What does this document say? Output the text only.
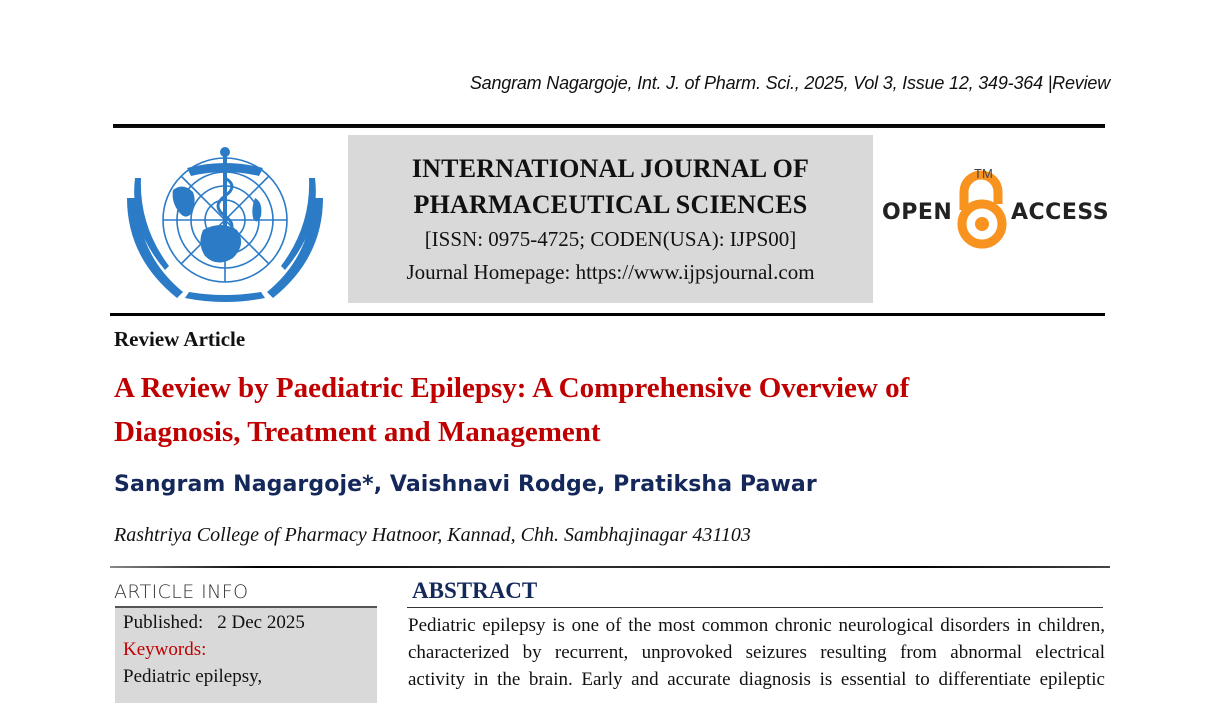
Sangram Nagargoje, Int. J. of Pharm. Sci., 2025, Vol 3, Issue 12, 349-364 |Review
INTERNATIONAL JOURNAL OF
PHARMACEUTICAL SCIENCES
[ISSN: 0975-4725; CODEN(USA): IJPS00]
Journal Homepage: https://www.ijpsjournal.com
OPEN
TM
ACCESS
Review Article
A Review by Paediatric Epilepsy: A Comprehensive Overview of
Diagnosis, Treatment and Management
Sangram Nagargoje*, Vaishnavi Rodge, Pratiksha Pawar
Rashtriya College of Pharmacy Hatnoor, Kannad, Chh. Sambhajinagar 431103
ARTICLE INFO
Published: 2 Dec 2025
Keywords:
Pediatric epilepsy,
ABSTRACT
Pediatric epilepsy is one of the most common chronic neurological disorders in children,
characterized by recurrent, unprovoked seizures resulting from abnormal electrical
activity in the brain. Early and accurate diagnosis is essential to differentiate epileptic
